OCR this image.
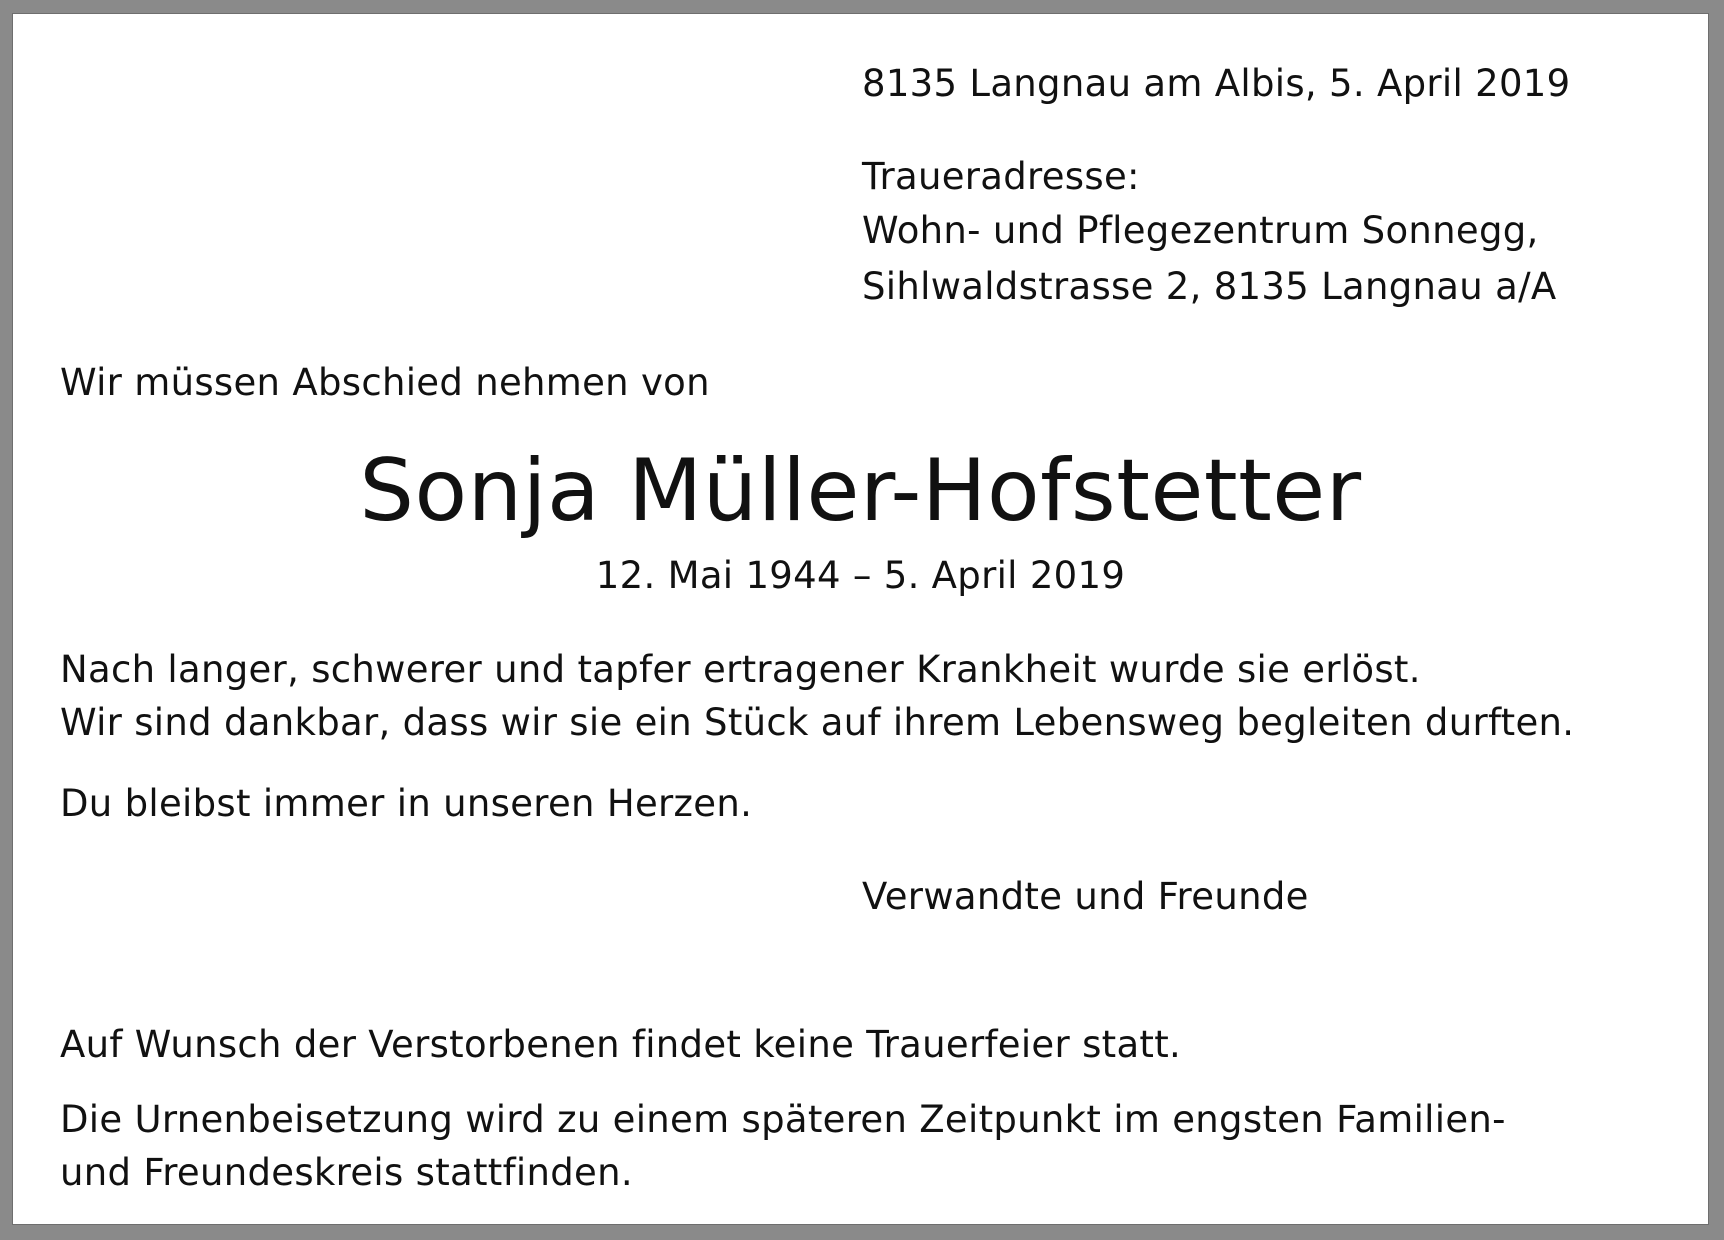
8135 Langnau am Albis, 5. April 2019

Traueradresse:

Wohn- und Pflegezentrum Sonnegg,

Sihlwaldstrasse 2, 8135 Langnau a/A

Wir müssen Abschied nehmen von

Sonja Müller-Hofstetter

12. Mai 1944 – 5. April 2019

Nach langer, schwerer und tapfer ertragener Krankheit wurde sie erlöst.

Wir sind dankbar, dass wir sie ein Stück auf ihrem Lebensweg begleiten durften.

Du bleibst immer in unseren Herzen.

Verwandte und Freunde

Auf Wunsch der Verstorbenen findet keine Trauerfeier statt.

Die Urnenbeisetzung wird zu einem späteren Zeitpunkt im engsten Familien-

und Freundeskreis stattfinden.
